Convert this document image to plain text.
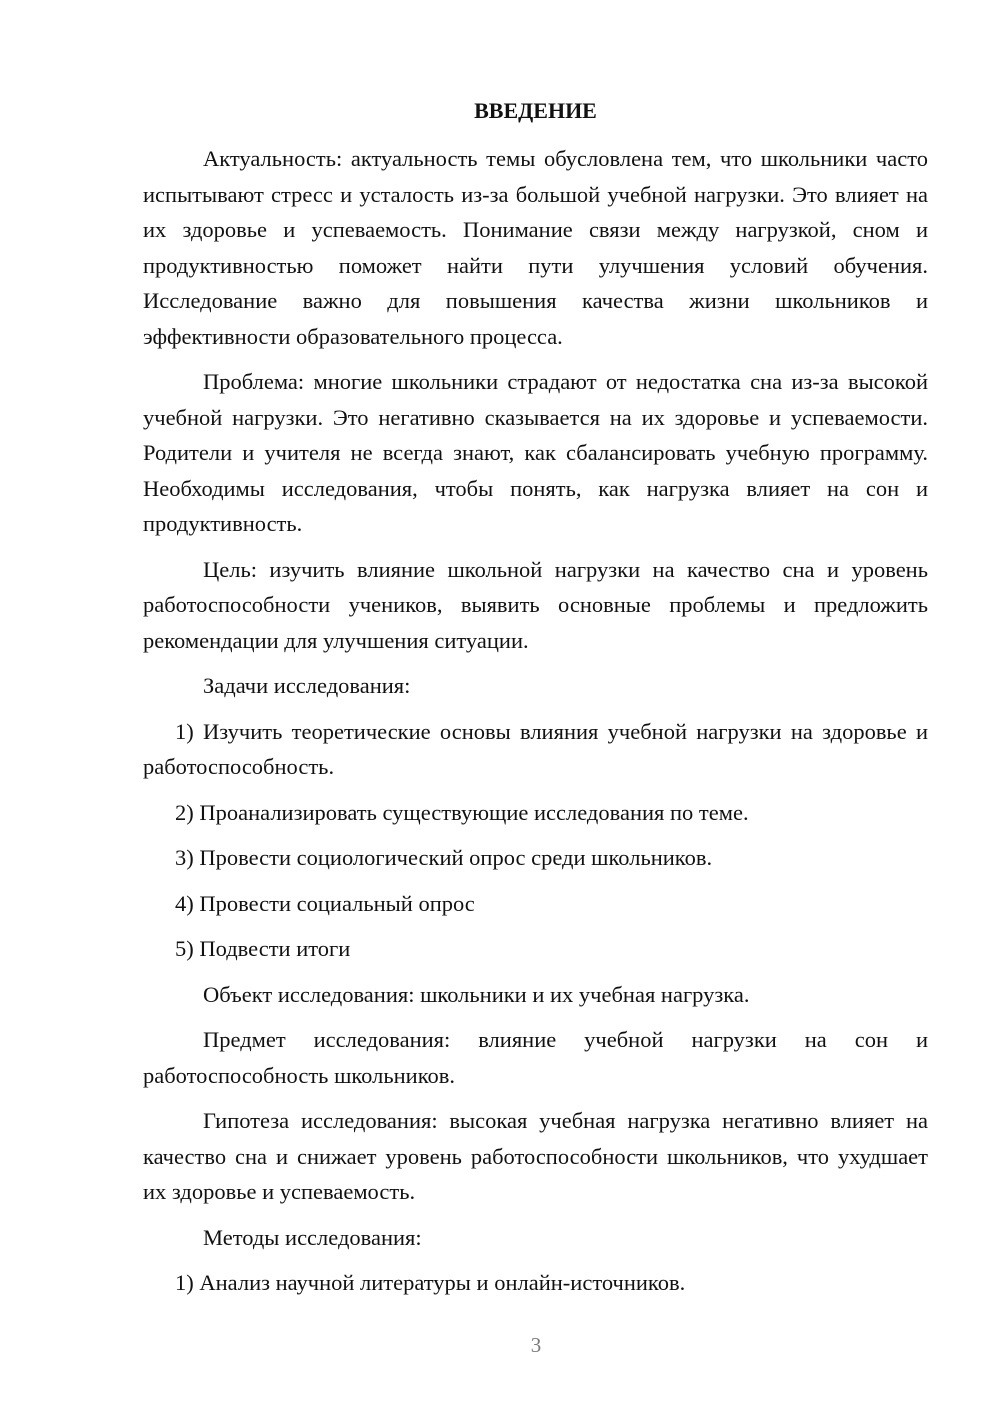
ВВЕДЕНИЕ

Актуальность: актуальность темы обусловлена тем, что школьники часто испытывают стресс и усталость из-за большой учебной нагрузки. Это влияет на их здоровье и успеваемость. Понимание связи между нагрузкой, сном и продуктивностью поможет найти пути улучшения условий обучения. Исследование важно для повышения качества жизни школьников и эффективности образовательного процесса.

Проблема: многие школьники страдают от недостатка сна из-за высокой учебной нагрузки. Это негативно сказывается на их здоровье и успеваемости. Родители и учителя не всегда знают, как сбалансировать учебную программу. Необходимы исследования, чтобы понять, как нагрузка влияет на сон и продуктивность.

Цель: изучить влияние школьной нагрузки на качество сна и уровень работоспособности учеников, выявить основные проблемы и предложить рекомендации для улучшения ситуации.

Задачи исследования:

1) Изучить теоретические основы влияния учебной нагрузки на здоровье и работоспособность.

2) Проанализировать существующие исследования по теме.

3) Провести социологический опрос среди школьников.

4) Провести социальный опрос

5) Подвести итоги

Объект исследования: школьники и их учебная нагрузка.

Предмет исследования: влияние учебной нагрузки на сон и работоспособность школьников.

Гипотеза исследования: высокая учебная нагрузка негативно влияет на качество сна и снижает уровень работоспособности школьников, что ухудшает их здоровье и успеваемость.

Методы исследования:

1) Анализ научной литературы и онлайн-источников.

3
